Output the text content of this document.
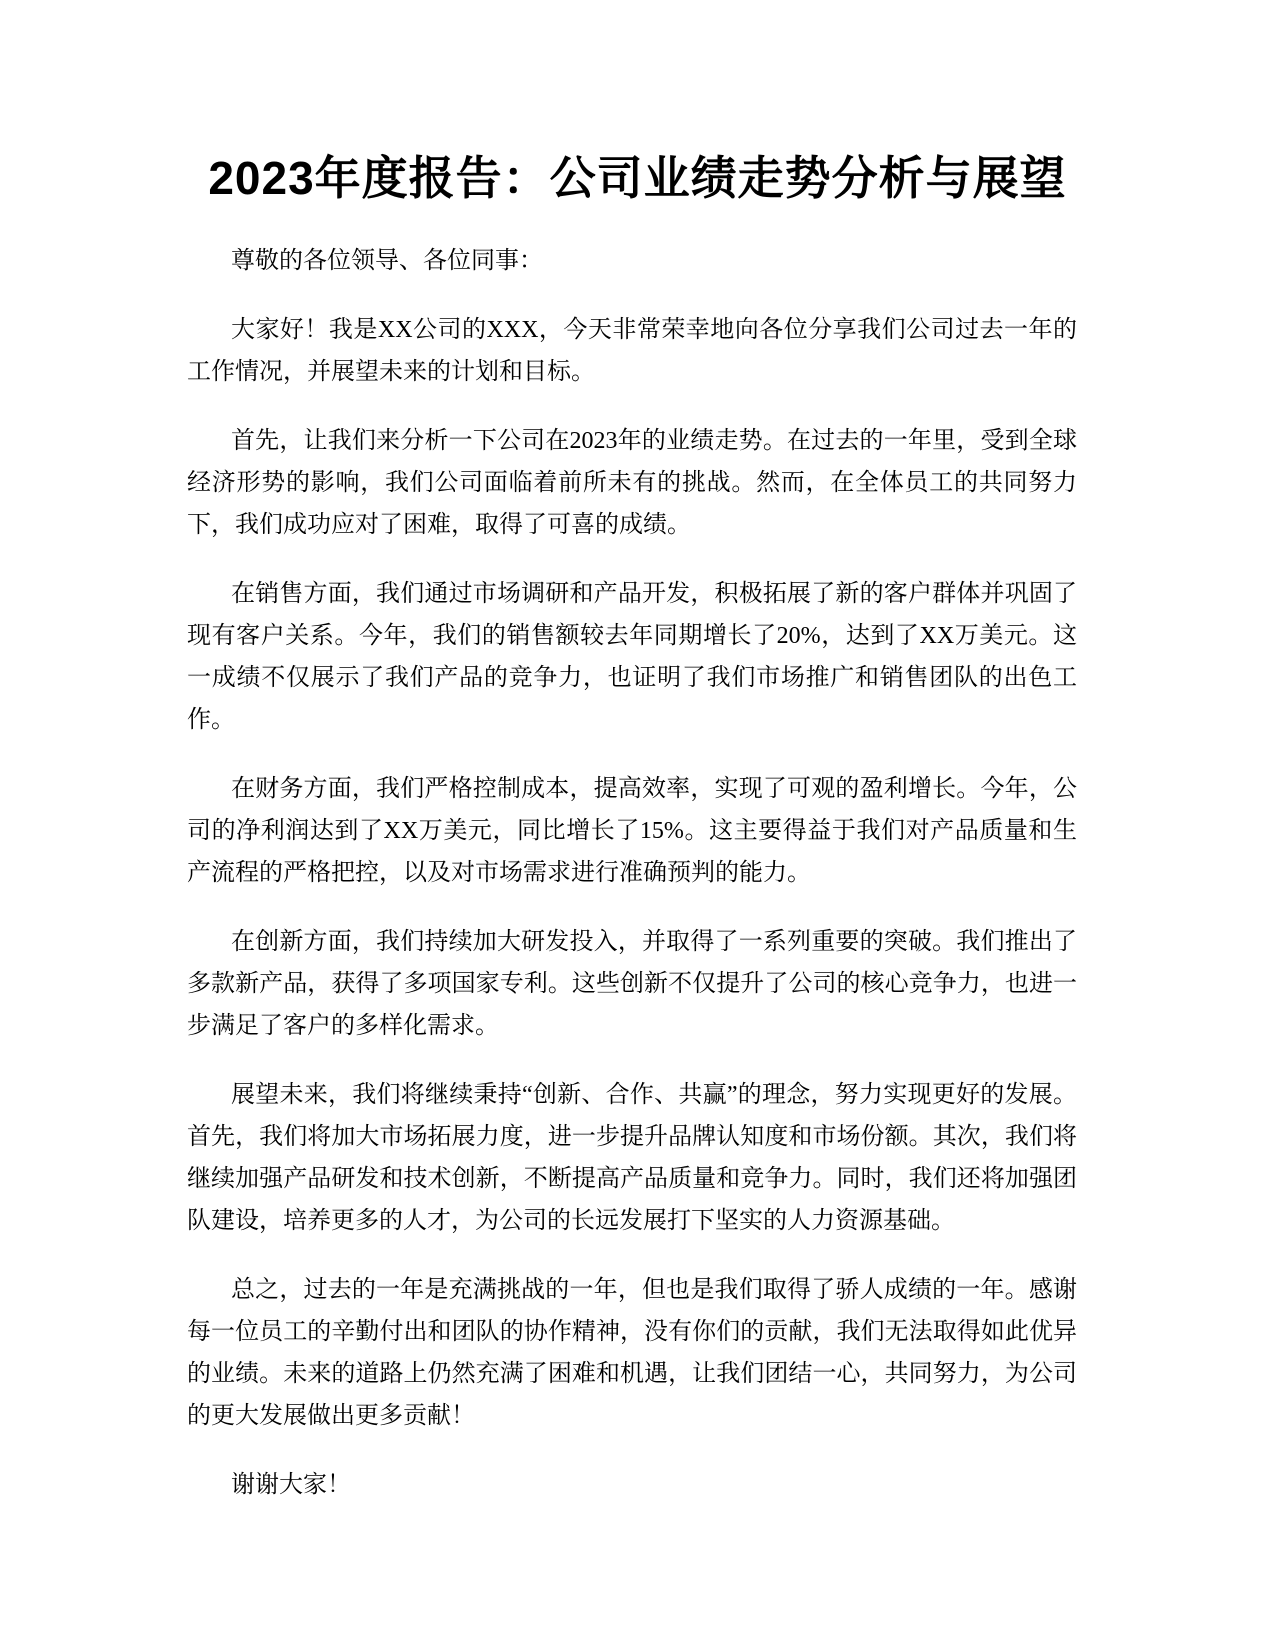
2023年度报告：公司业绩走势分析与展望

尊敬的各位领导、各位同事：

大家好！我是XX公司的XXX，今天非常荣幸地向各位分享我们公司过去一年的工作情况，并展望未来的计划和目标。

首先，让我们来分析一下公司在2023年的业绩走势。在过去的一年里，受到全球经济形势的影响，我们公司面临着前所未有的挑战。然而，在全体员工的共同努力下，我们成功应对了困难，取得了可喜的成绩。

在销售方面，我们通过市场调研和产品开发，积极拓展了新的客户群体并巩固了现有客户关系。今年，我们的销售额较去年同期增长了20%，达到了XX万美元。这一成绩不仅展示了我们产品的竞争力，也证明了我们市场推广和销售团队的出色工作。

在财务方面，我们严格控制成本，提高效率，实现了可观的盈利增长。今年，公司的净利润达到了XX万美元，同比增长了15%。这主要得益于我们对产品质量和生产流程的严格把控，以及对市场需求进行准确预判的能力。

在创新方面，我们持续加大研发投入，并取得了一系列重要的突破。我们推出了多款新产品，获得了多项国家专利。这些创新不仅提升了公司的核心竞争力，也进一步满足了客户的多样化需求。

展望未来，我们将继续秉持“创新、合作、共赢”的理念，努力实现更好的发展。首先，我们将加大市场拓展力度，进一步提升品牌认知度和市场份额。其次，我们将继续加强产品研发和技术创新，不断提高产品质量和竞争力。同时，我们还将加强团队建设，培养更多的人才，为公司的长远发展打下坚实的人力资源基础。

总之，过去的一年是充满挑战的一年，但也是我们取得了骄人成绩的一年。感谢每一位员工的辛勤付出和团队的协作精神，没有你们的贡献，我们无法取得如此优异的业绩。未来的道路上仍然充满了困难和机遇，让我们团结一心，共同努力，为公司的更大发展做出更多贡献！

谢谢大家！
